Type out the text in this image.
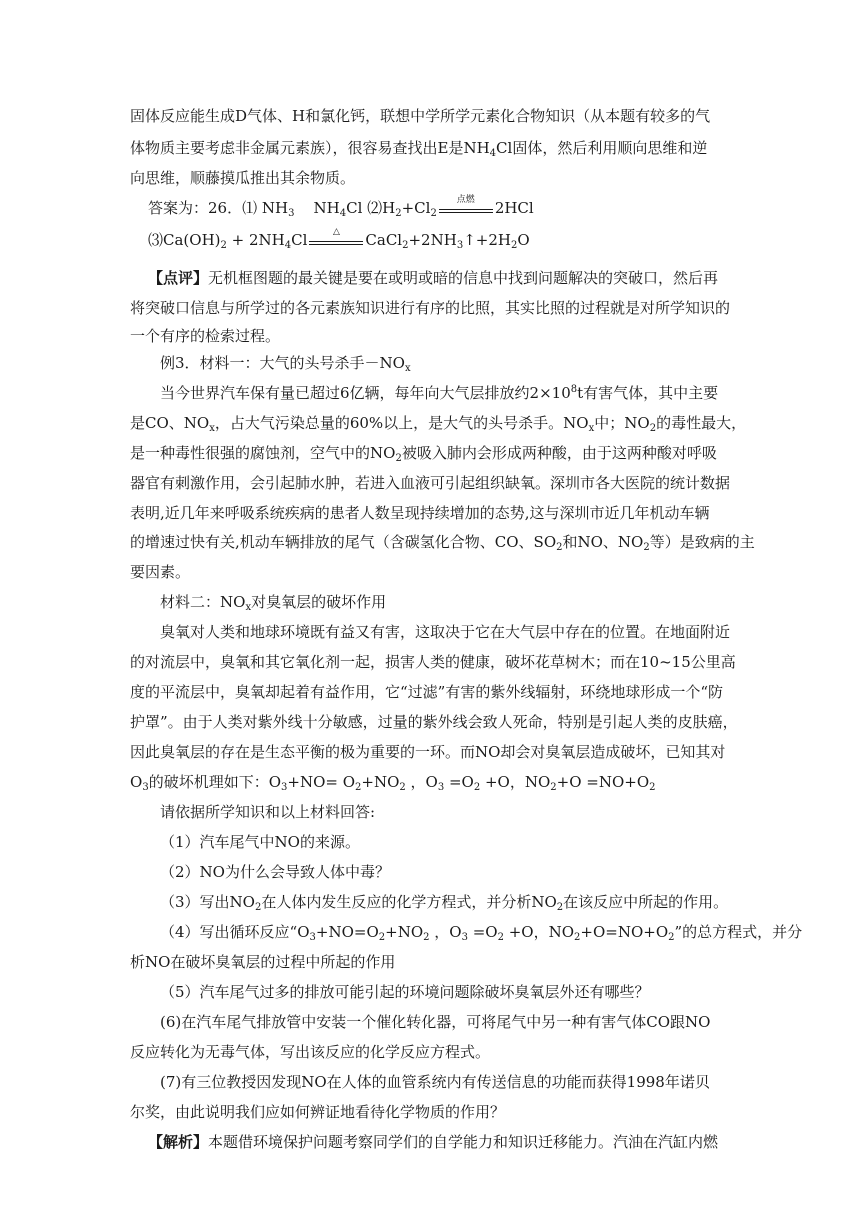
固体反应能生成D气体、H和氯化钙，联想中学所学元素化合物知识（从本题有较多的气
体物质主要考虑非金属元素族），很容易查找出E是$NH_4Cl$固体，然后利用顺向思维和逆
向思维，顺藤摸瓜推出其余物质。
答案为：26．⑴ $NH_3$    $NH_4Cl$ $⑵H_2+Cl_2$
点燃	2HCl
$⑶Ca(OH)_2 + 2NH_4Cl$	△	$CaCl_2+2NH_3↑+2H_2O$
【点评】无机框图题的最关键是要在或明或暗的信息中找到问题解决的突破口，然后再
将突破口信息与所学过的各元素族知识进行有序的比照，其实比照的过程就是对所学知识的
一个有序的检索过程。
例3．材料一：大气的头号杀手$-NO_x$
当今世界汽车保有量已超过6亿辆，每年向大气层排放约$2\times 10^8t$有害气体，其中主要
是CO、$NO_x$，占大气污染总量的60%以上，是大气的头号杀手。$NO_x$中；$NO_2$的毒性最大，
是一种毒性很强的腐蚀剂，空气中的$NO_2$被吸入肺内会形成两种酸，由于这两种酸对呼吸
器官有刺激作用，会引起肺水肿，若进入血液可引起组织缺氧。深圳市各大医院的统计数据
表明,近几年来呼吸系统疾病的患者人数呈现持续增加的态势,这与深圳市近几年机动车辆
的增速过快有关,机动车辆排放的尾气（含碳氢化合物、CO、$SO_2$和NO、$NO_2$等）是致病的主
要因素。
材料二：$NO_x$对臭氧层的破坏作用
臭氧对人类和地球环境既有益又有害，这取决于它在大气层中存在的位置。在地面附近
的对流层中，臭氧和其它氧化剂一起，损害人类的健康，破坏花草树木；而在10~15公里高
度的平流层中，臭氧却起着有益作用，它“过滤”有害的紫外线辐射，环绕地球形成一个“防
护罩”。由于人类对紫外线十分敏感，过量的紫外线会致人死命，特别是引起人类的皮肤癌，
因此臭氧层的存在是生态平衡的极为重要的一环。而NO却会对臭氧层造成破坏，已知其对
$O_3$的破坏机理如下：$O_3+NO= O_2+NO_2$ ，$O_3 =O_2 +O$，$NO_2+O =NO+O_2$
请依据所学知识和以上材料回答:
（1）汽车尾气中NO的来源。
（2）NO为什么会导致人体中毒？
（3）写出$NO_2$在人体内发生反应的化学方程式，并分析$NO_2$在该反应中所起的作用。
（4）写出循环反应“$O_3+NO=O_2+NO_2$ ，$O_3 =O_2 +O$，$NO_2+O=NO+O_2$”的总方程式，并分
析NO在破坏臭氧层的过程中所起的作用
（5）汽车尾气过多的排放可能引起的环境问题除破坏臭氧层外还有哪些？
(6)在汽车尾气排放管中安装一个催化转化器，可将尾气中另一种有害气体CO跟NO
反应转化为无毒气体，写出该反应的化学反应方程式。
(7)有三位教授因发现NO在人体的血管系统内有传送信息的功能而获得1998年诺贝
尔奖，由此说明我们应如何辨证地看待化学物质的作用？
【解析】本题借环境保护问题考察同学们的自学能力和知识迁移能力。汽油在汽缸内燃
